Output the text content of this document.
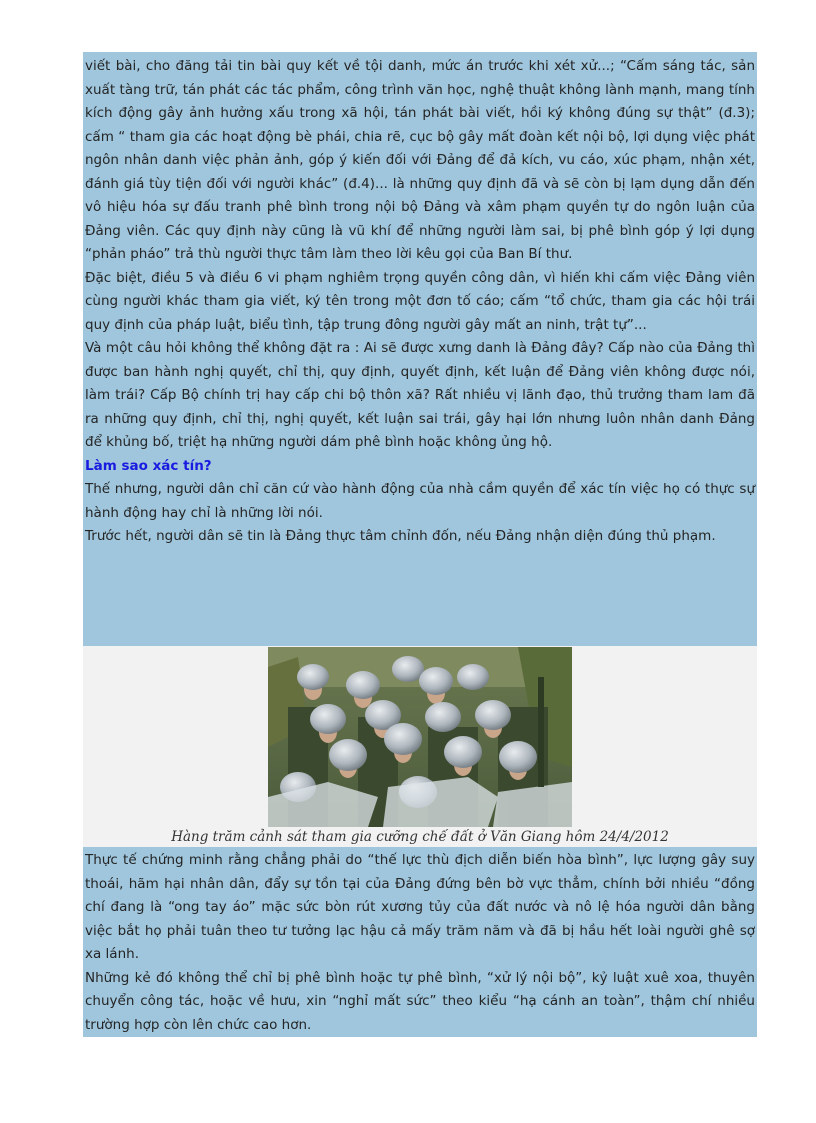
viết bài, cho đăng tải tin bài quy kết về tội danh, mức án trước khi xét xử...; “Cấm sáng tác, sản xuất tàng trữ, tán phát các tác phẩm, công trình văn học, nghệ thuật không lành mạnh, mang tính kích động gây ảnh hưởng xấu trong xã hội, tán phát bài viết, hồi ký không đúng sự thật” (đ.3); cấm “ tham gia các hoạt động bè phái, chia rẽ, cục bộ gây mất đoàn kết nội bộ, lợi dụng việc phát ngôn nhân danh việc phản ảnh, góp ý kiến đối với Đảng để đả kích, vu cáo, xúc phạm, nhận xét, đánh giá tùy tiện đối với người khác” (đ.4)... là những quy định đã và sẽ còn bị lạm dụng dẫn đến vô hiệu hóa sự đấu tranh phê bình trong nội bộ Đảng và xâm phạm quyền tự do ngôn luận của Đảng viên. Các quy định này cũng là vũ khí để những người làm sai, bị phê bình góp ý lợi dụng “phản pháo” trả thù người thực tâm làm theo lời kêu gọi của Ban Bí thư.

Đặc biệt, điều 5 và điều 6 vi phạm nghiêm trọng quyền công dân, vì hiến khi cấm việc Đảng viên cùng người khác tham gia viết, ký tên trong một đơn tố cáo; cấm “tổ chức, tham gia các hội trái quy định của pháp luật, biểu tình, tập trung đông người gây mất an ninh, trật tự”...

Và một câu hỏi không thể không đặt ra : Ai sẽ được xưng danh là Đảng đây? Cấp nào của Đảng thì được ban hành nghị quyết, chỉ thị, quy định, quyết định, kết luận để Đảng viên không được nói, làm trái? Cấp Bộ chính trị hay cấp chi bộ thôn xã? Rất nhiều vị lãnh đạo, thủ trưởng tham lam đã ra những quy định, chỉ thị, nghị quyết, kết luận sai trái, gây hại lớn nhưng luôn nhân danh Đảng để khủng bố, triệt hạ những người dám phê bình hoặc không ủng hộ.

Làm sao xác tín?

Thế nhưng, người dân chỉ căn cứ vào hành động của nhà cầm quyền để xác tín việc họ có thực sự hành động hay chỉ là những lời nói.

Trước hết, người dân sẽ tin là Đảng thực tâm chỉnh đốn, nếu Đảng nhận diện đúng thủ phạm.

Hàng trăm cảnh sát tham gia cưỡng chế đất ở Văn Giang hôm 24/4/2012

Thực tế chứng minh rằng chẳng phải do “thế lực thù địch diễn biến hòa bình”, lực lượng gây suy thoái, hãm hại nhân dân, đẩy sự tồn tại của Đảng đứng bên bờ vực thẳm, chính bởi nhiều “đồng chí đang là “ong tay áo” mặc sức bòn rút xương tủy của đất nước và nô lệ hóa người dân bằng việc bắt họ phải tuân theo tư tưởng lạc hậu cả mấy trăm năm và đã bị hầu hết loài người ghê sợ xa lánh.

Những kẻ đó không thể chỉ bị phê bình hoặc tự phê bình, “xử lý nội bộ”, kỷ luật xuê xoa, thuyên chuyển công tác, hoặc về hưu, xin “nghỉ mất sức” theo kiểu “hạ cánh an toàn”, thậm chí nhiều trường hợp còn lên chức cao hơn.
